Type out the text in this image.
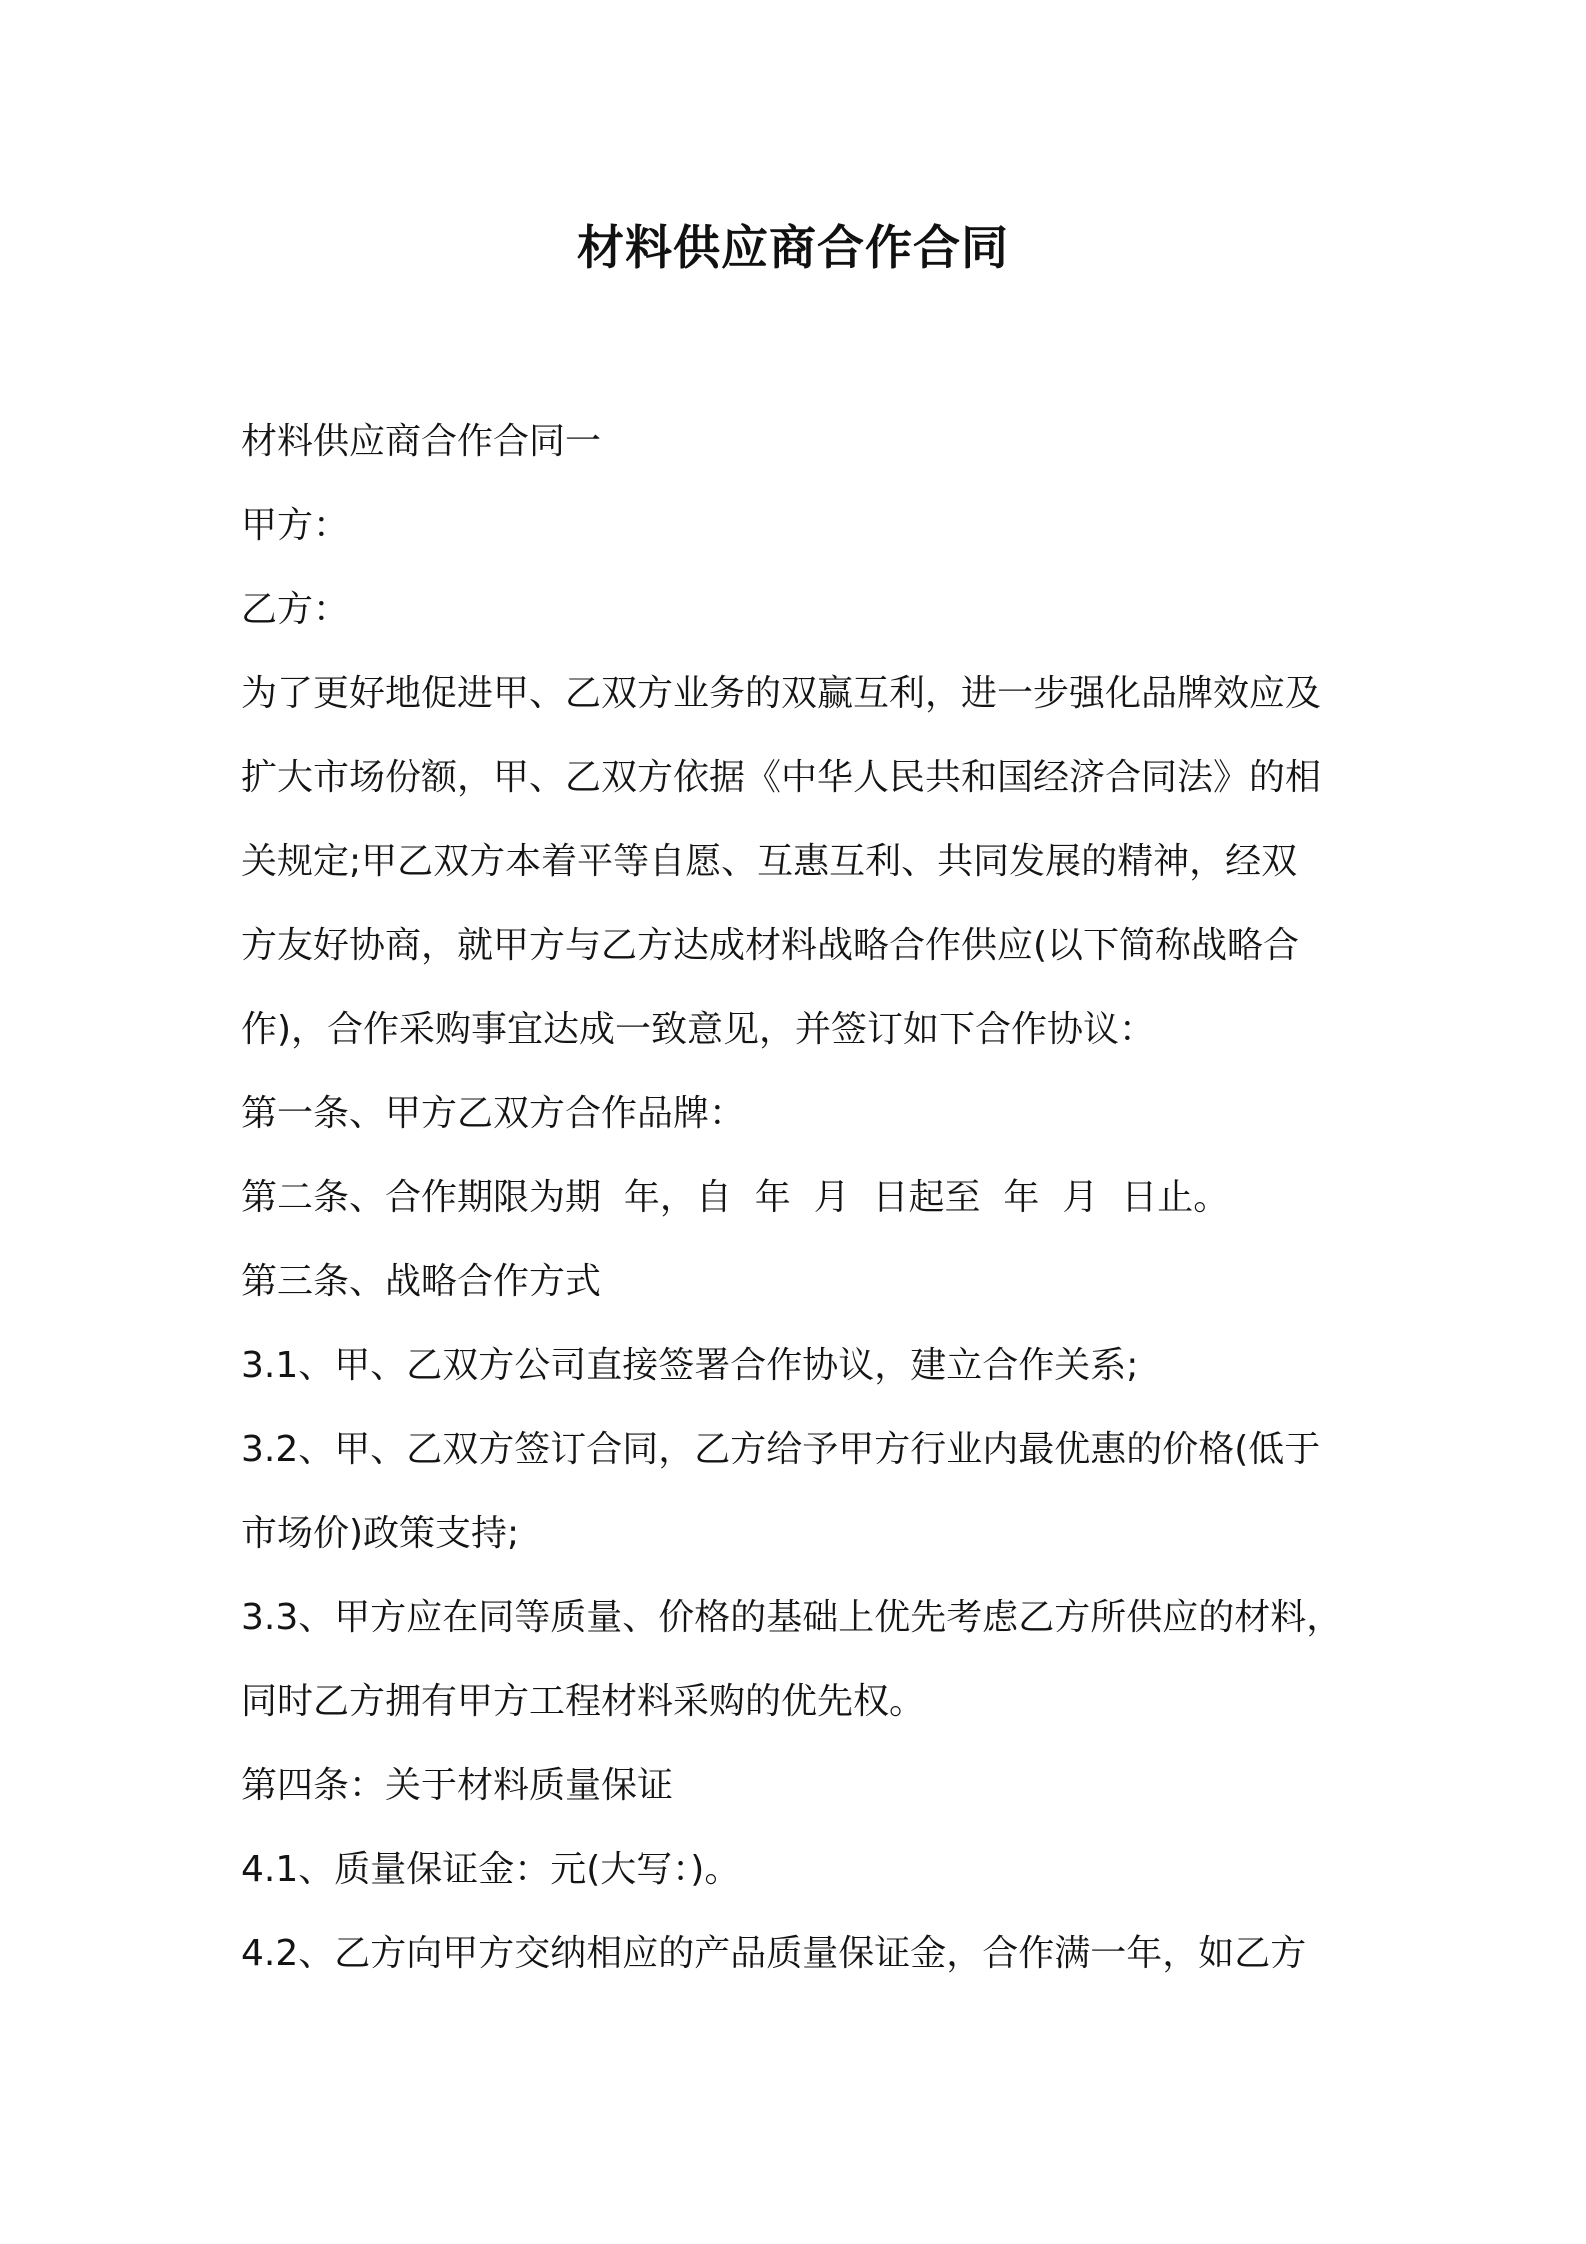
材料供应商合作合同

材料供应商合作合同一

甲方：

乙方：

为了更好地促进甲、乙双方业务的双赢互利，进一步强化品牌效应及

扩大市场份额，甲、乙双方依据《中华人民共和国经济合同法》的相

关规定;甲乙双方本着平等自愿、互惠互利、共同发展的精神，经双

方友好协商，就甲方与乙方达成材料战略合作供应(以下简称战略合

作)，合作采购事宜达成一致意见，并签订如下合作协议：

第一条、甲方乙双方合作品牌：

第二条、合作期限为期  年，自  年  月  日起至  年  月  日止。

第三条、战略合作方式

3.1、甲、乙双方公司直接签署合作协议，建立合作关系;

3.2、甲、乙双方签订合同，乙方给予甲方行业内最优惠的价格(低于

市场价)政策支持;

3.3、甲方应在同等质量、价格的基础上优先考虑乙方所供应的材料，

同时乙方拥有甲方工程材料采购的优先权。

第四条：关于材料质量保证

4.1、质量保证金：元(大写：)。

4.2、乙方向甲方交纳相应的产品质量保证金，合作满一年，如乙方
